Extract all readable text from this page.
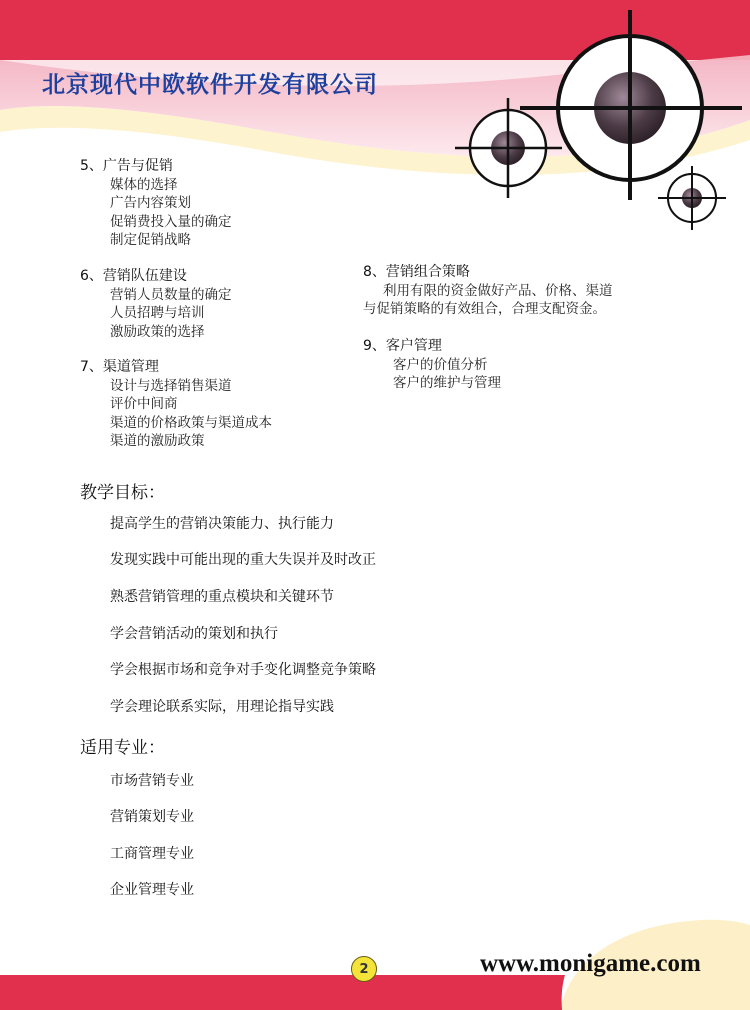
北京现代中欧软件开发有限公司
5、广告与促销
媒体的选择
广告内容策划
促销费投入量的确定
制定促销战略
6、营销队伍建设
营销人员数量的确定
人员招聘与培训
激励政策的选择
7、渠道管理
设计与选择销售渠道
评价中间商
渠道的价格政策与渠道成本
渠道的激励政策
8、营销组合策略
利用有限的资金做好产品、价格、渠道
与促销策略的有效组合，合理支配资金。
9、客户管理
客户的价值分析
客户的维护与管理
教学目标：
提高学生的营销决策能力、执行能力
发现实践中可能出现的重大失误并及时改正
熟悉营销管理的重点模块和关键环节
学会营销活动的策划和执行
学会根据市场和竞争对手变化调整竞争策略
学会理论联系实际，用理论指导实践
适用专业：
市场营销专业
营销策划专业
工商管理专业
企业管理专业
2	www.monigame.com
